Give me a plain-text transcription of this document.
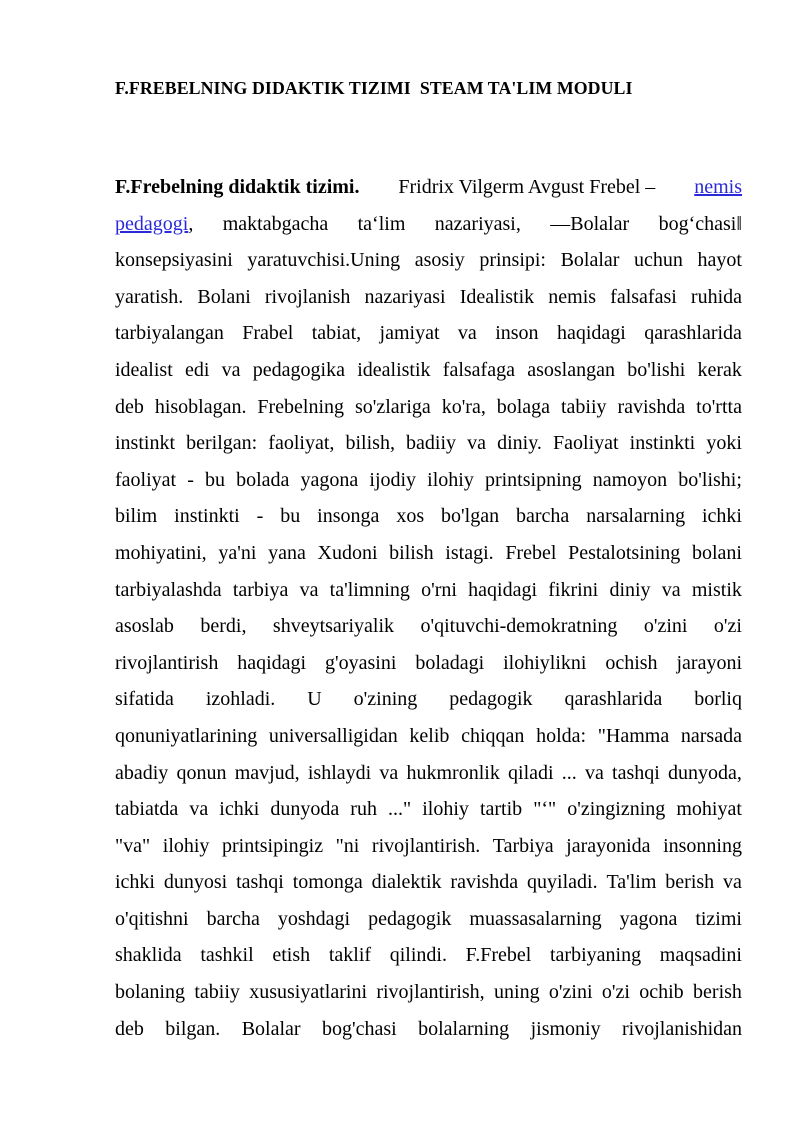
F.FREBELNING DIDAKTIK TIZIMI  STEAM TA'LIM MODULI
F.Frebelning didaktik tizimi.	Fridrix Vilgerm Avgust Frebel –	nemis
pedagogi , maktabgacha ta‘lim nazariyasi, ―Bolalar bog‘chasi‖
konsepsiyasini yaratuvchisi.Uning asosiy prinsipi: Bolalar uchun hayot
yaratish. Bolani rivojlanish nazariyasi Idealistik nemis falsafasi ruhida
tarbiyalangan Frabel tabiat, jamiyat va inson haqidagi qarashlarida
idealist edi va pedagogika idealistik falsafaga asoslangan bo'lishi kerak
deb hisoblagan. Frebelning so'zlariga ko'ra, bolaga tabiiy ravishda to'rtta
instinkt berilgan: faoliyat, bilish, badiiy va diniy. Faoliyat instinkti yoki
faoliyat - bu bolada yagona ijodiy ilohiy printsipning namoyon bo'lishi;
bilim instinkti - bu insonga xos bo'lgan barcha narsalarning ichki
mohiyatini, ya'ni yana Xudoni bilish istagi. Frebel Pestalotsining bolani
tarbiyalashda tarbiya va ta'limning o'rni haqidagi fikrini diniy va mistik
asoslab berdi, shveytsariyalik o'qituvchi-demokratning o'zini o'zi
rivojlantirish haqidagi g'oyasini boladagi ilohiylikni ochish jarayoni
sifatida izohladi. U o'zining pedagogik qarashlarida borliq
qonuniyatlarining universalligidan kelib chiqqan holda: "Hamma narsada
abadiy qonun mavjud, ishlaydi va hukmronlik qiladi ... va tashqi dunyoda,
tabiatda va ichki dunyoda ruh ..." ilohiy tartib "‘" o'zingizning mohiyat
"va" ilohiy printsipingiz "ni rivojlantirish. Tarbiya jarayonida insonning
ichki dunyosi tashqi tomonga dialektik ravishda quyiladi. Ta'lim berish va
o'qitishni barcha yoshdagi pedagogik muassasalarning yagona tizimi
shaklida tashkil etish taklif qilindi. F.Frebel tarbiyaning maqsadini
bolaning tabiiy xususiyatlarini rivojlantirish, uning o'zini o'zi ochib berish
deb bilgan. Bolalar bog'chasi bolalarning jismoniy rivojlanishidan
